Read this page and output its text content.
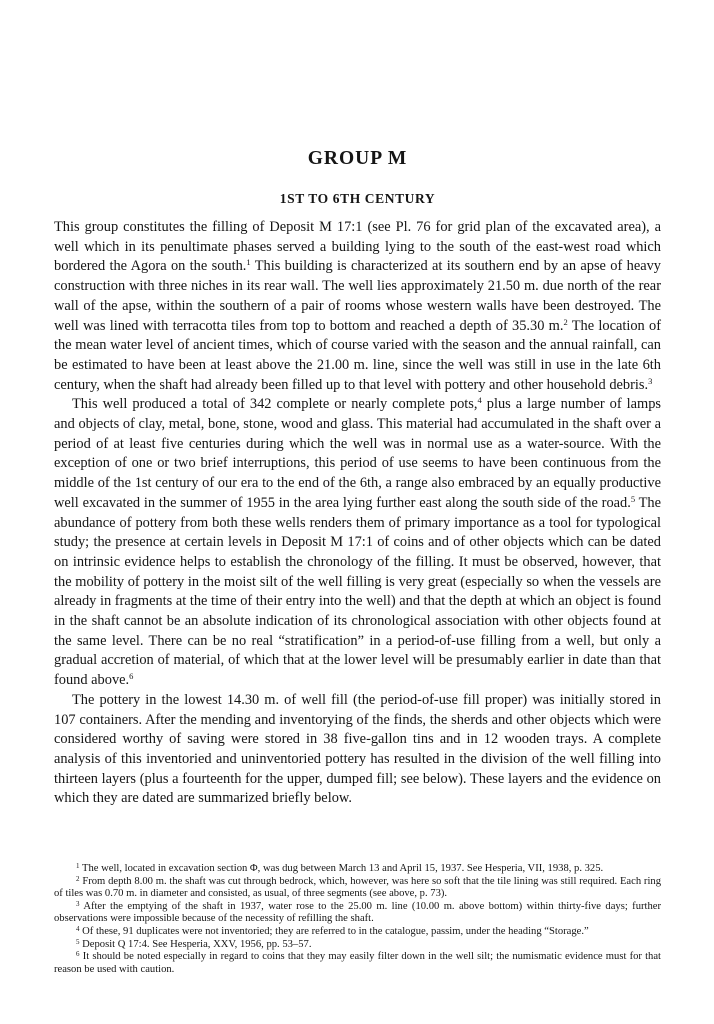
GROUP M
1ST TO 6TH CENTURY

This group constitutes the filling of Deposit M 17:1 (see Pl. 76 for grid plan of the excavated area), a well which in its penultimate phases served a building lying to the south of the east-west road which bordered the Agora on the south.$^1$ This building is characterized at its southern end by an apse of heavy construction with three niches in its rear wall. The well lies approximately 21.50 m. due north of the rear wall of the apse, within the southern of a pair of rooms whose western walls have been destroyed. The well was lined with terracotta tiles from top to bottom and reached a depth of 35.30 m.$^2$ The location of the mean water level of ancient times, which of course varied with the season and the annual rainfall, can be estimated to have been at least above the 21.00 m. line, since the well was still in use in the late 6th century, when the shaft had already been filled up to that level with pottery and other household debris.$^3$

This well produced a total of 342 complete or nearly complete pots,$^4$ plus a large number of lamps and objects of clay, metal, bone, stone, wood and glass. This material had accumulated in the shaft over a period of at least five centuries during which the well was in normal use as a water-source. With the exception of one or two brief interruptions, this period of use seems to have been continuous from the middle of the 1st century of our era to the end of the 6th, a range also embraced by an equally productive well excavated in the summer of 1955 in the area lying further east along the south side of the road.$^5$ The abundance of pottery from both these wells renders them of primary importance as a tool for typological study; the presence at certain levels in Deposit M 17:1 of coins and of other objects which can be dated on intrinsic evidence helps to establish the chronology of the filling. It must be observed, however, that the mobility of pottery in the moist silt of the well filling is very great (especially so when the vessels are already in fragments at the time of their entry into the well) and that the depth at which an object is found in the shaft cannot be an absolute indication of its chronological association with other objects found at the same level. There can be no real “stratification” in a period-of-use filling from a well, but only a gradual accretion of material, of which that at the lower level will be presumably earlier in date than that found above.$^6$

The pottery in the lowest 14.30 m. of well fill (the period-of-use fill proper) was initially stored in 107 containers. After the mending and inventorying of the finds, the sherds and other objects which were considered worthy of saving were stored in 38 five-gallon tins and in 12 wooden trays. A complete analysis of this inventoried and uninventoried pottery has resulted in the division of the well filling into thirteen layers (plus a fourteenth for the upper, dumped fill; see below). These layers and the evidence on which they are dated are summarized briefly below.

$^1$ The well, located in excavation section Φ, was dug between March 13 and April 15, 1937. See Hesperia, VII, 1938, p. 325.

$^2$ From depth 8.00 m. the shaft was cut through bedrock, which, however, was here so soft that the tile lining was still required. Each ring of tiles was 0.70 m. in diameter and consisted, as usual, of three segments (see above, p. 73).

$^3$ After the emptying of the shaft in 1937, water rose to the 25.00 m. line (10.00 m. above bottom) within thirty-five days; further observations were impossible because of the necessity of refilling the shaft.

$^4$ Of these, 91 duplicates were not inventoried; they are referred to in the catalogue, passim, under the heading “Storage.”

$^5$ Deposit Q 17:4. See Hesperia, XXV, 1956, pp. 53–57.

$^6$ It should be noted especially in regard to coins that they may easily filter down in the well silt; the numismatic evidence must for that reason be used with caution.
